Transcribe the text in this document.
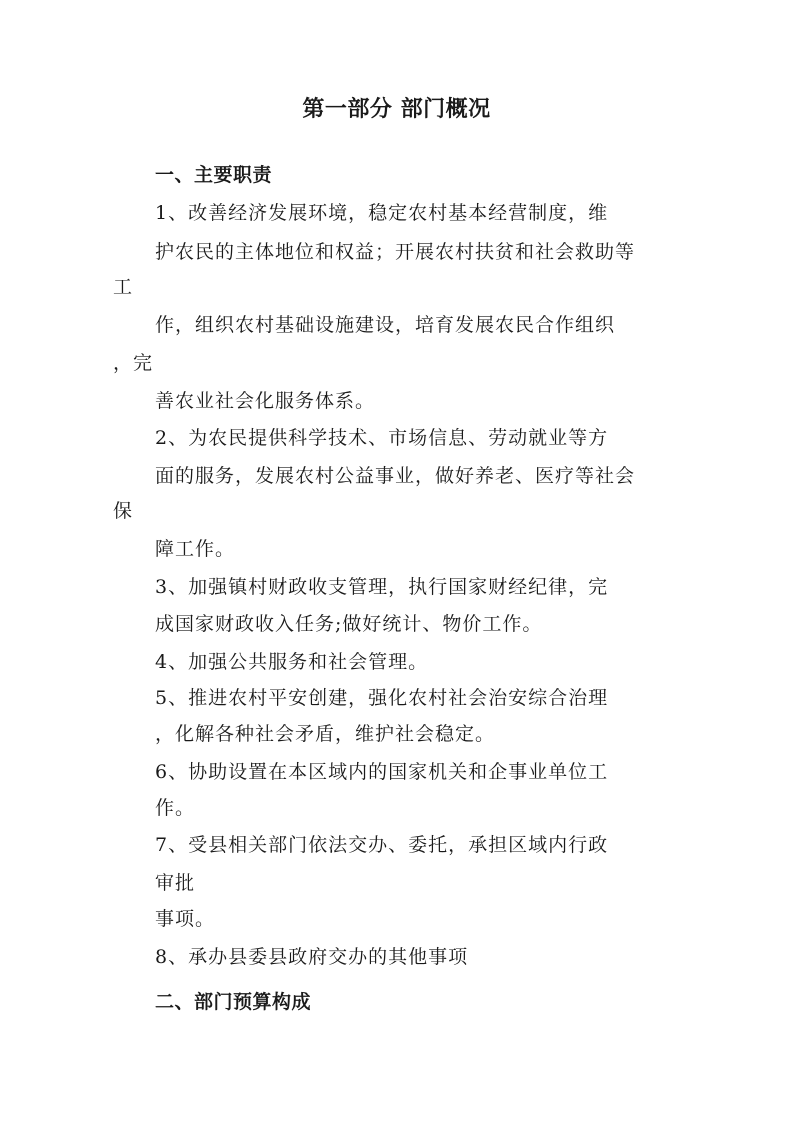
第一部分 部门概况
一、主要职责
1、改善经济发展环境，稳定农村基本经营制度，维
护农民的主体地位和权益；开展农村扶贫和社会救助等
工
作，组织农村基础设施建设，培育发展农民合作组织
，完
善农业社会化服务体系。
2、为农民提供科学技术、市场信息、劳动就业等方
面的服务，发展农村公益事业，做好养老、医疗等社会
保
障工作。
3、加强镇村财政收支管理，执行国家财经纪律，完
成国家财政收入任务;做好统计、物价工作。
4、加强公共服务和社会管理。
5、推进农村平安创建，强化农村社会治安综合治理
，化解各种社会矛盾，维护社会稳定。
6、协助设置在本区域内的国家机关和企事业单位工
作。
7、受县相关部门依法交办、委托，承担区域内行政
审批
事项。
8、承办县委县政府交办的其他事项
二、部门预算构成
